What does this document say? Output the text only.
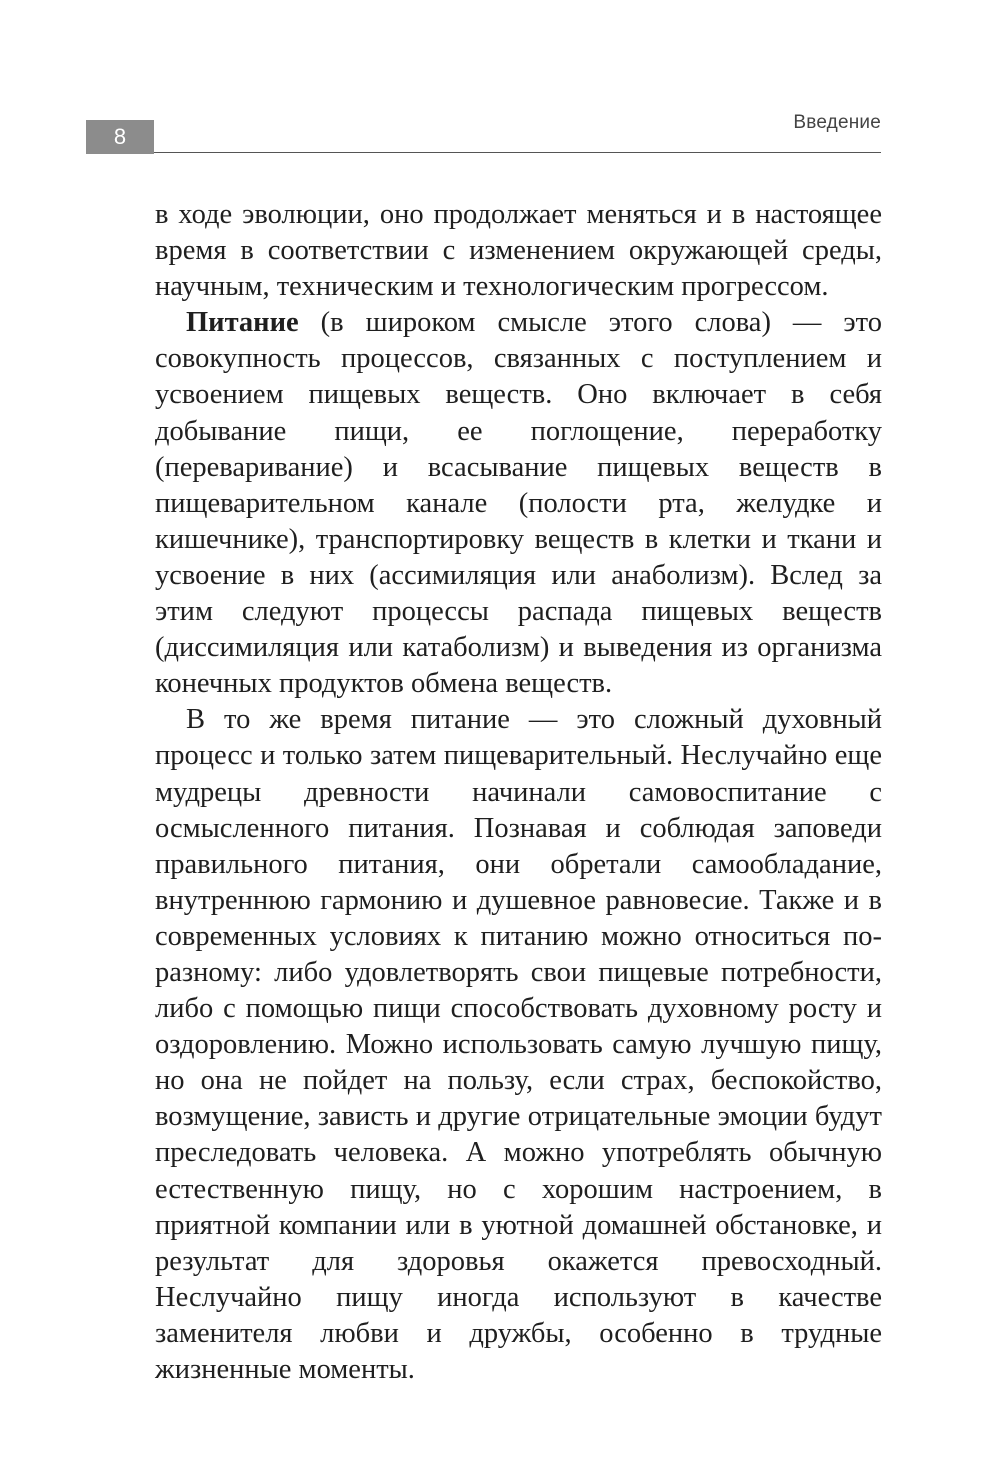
8
Введение

в ходе эволюции, оно продолжает меняться и в настоящее время в соответствии с изменением окружающей среды, научным, техническим и технологическим прогрессом.

Питание (в широком смысле этого слова) — это совокупность процессов, связанных с поступлением и усвоением пищевых веществ. Оно включает в себя добывание пищи, ее поглощение, переработку (переваривание) и всасывание пищевых веществ в пищеварительном канале (полости рта, желудке и кишечнике), транспортировку веществ в клетки и ткани и усвоение в них (ассимиляция или анаболизм). Вслед за этим следуют процессы распада пищевых веществ (диссимиляция или катаболизм) и выведения из организма конечных продуктов обмена веществ.

В то же время питание — это сложный духовный процесс и только затем пищеварительный. Неслучайно еще мудрецы древности начинали самовоспитание с осмысленного питания. Познавая и соблюдая заповеди правильного питания, они обретали самообладание, внутреннюю гармонию и душевное равновесие. Также и в современных условиях к питанию можно относиться по-разному: либо удовлетворять свои пищевые потребности, либо с помощью пищи способствовать духовному росту и оздоровлению. Можно использовать самую лучшую пищу, но она не пойдет на пользу, если страх, беспокойство, возмущение, зависть и другие отрицательные эмоции будут преследовать человека. А можно употреблять обычную естественную пищу, но с хорошим настроением, в приятной компании или в уютной домашней обстановке, и результат для здоровья окажется превосходный. Неслучайно пищу иногда используют в качестве заменителя любви и дружбы, особенно в трудные жизненные моменты.
